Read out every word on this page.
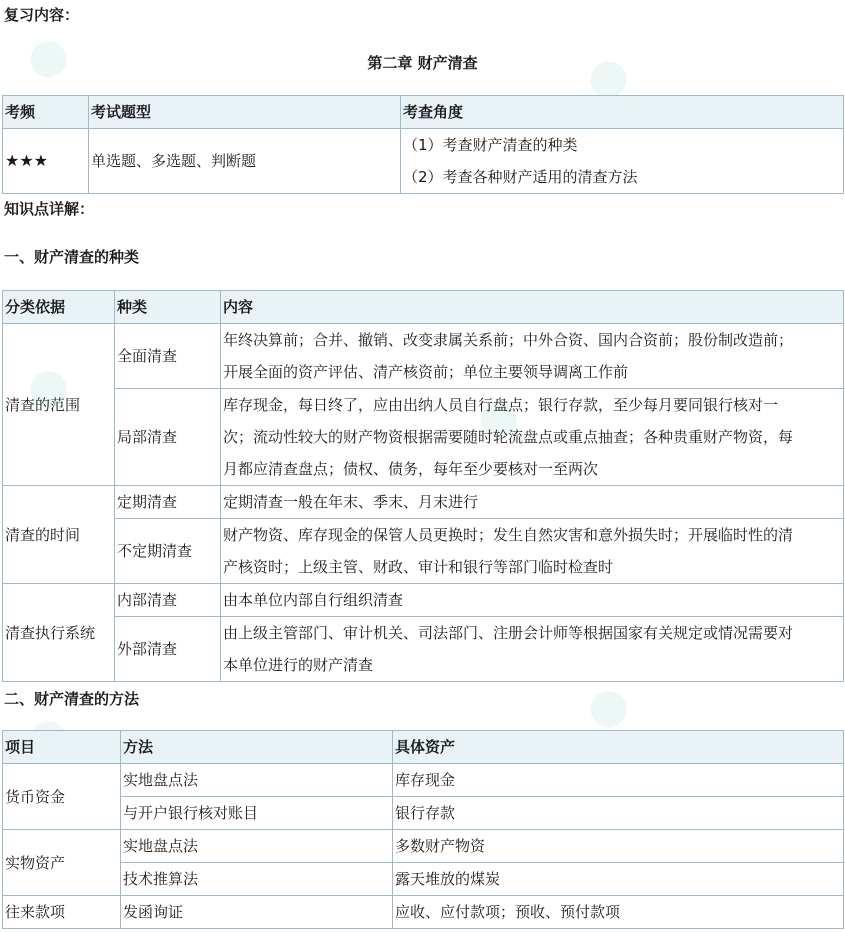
复习内容：
第二章 财产清查
考频	考试题型	考查角度
★★★	单选题、多选题、判断题	（1）考查财产清查的种类
（2）考查各种财产适用的清查方法
知识点详解：
一、财产清查的种类
分类依据	种类	内容
清查的范围	全面清查	年终决算前；合并、撤销、改变隶属关系前；中外合资、国内合资前；股份制改造前；
开展全面的资产评估、清产核资前；单位主要领导调离工作前

	局部清查	库存现金，每日终了，应由出纳人员自行盘点；银行存款，至少每月要同银行核对一
次；流动性较大的财产物资根据需要随时轮流盘点或重点抽查；各种贵重财产物资，每
月都应清查盘点；债权、债务，每年至少要核对一至两次

清查的时间	定期清查	定期清查一般在年末、季末、月末进行

	不定期清查	财产物资、库存现金的保管人员更换时；发生自然灾害和意外损失时；开展临时性的清
产核资时；上级主管、财政、审计和银行等部门临时检查时

清查执行系统	内部清查	由本单位内部自行组织清查

	外部清查	由上级主管部门、审计机关、司法部门、注册会计师等根据国家有关规定或情况需要对
本单位进行的财产清查
二、财产清查的方法
项目	方法	具体资产
货币资金	实地盘点法	库存现金
	与开户银行核对账目	银行存款
实物资产	实地盘点法	多数财产物资
	技术推算法	露天堆放的煤炭
往来款项	发函询证	应收、应付款项；预收、预付款项
